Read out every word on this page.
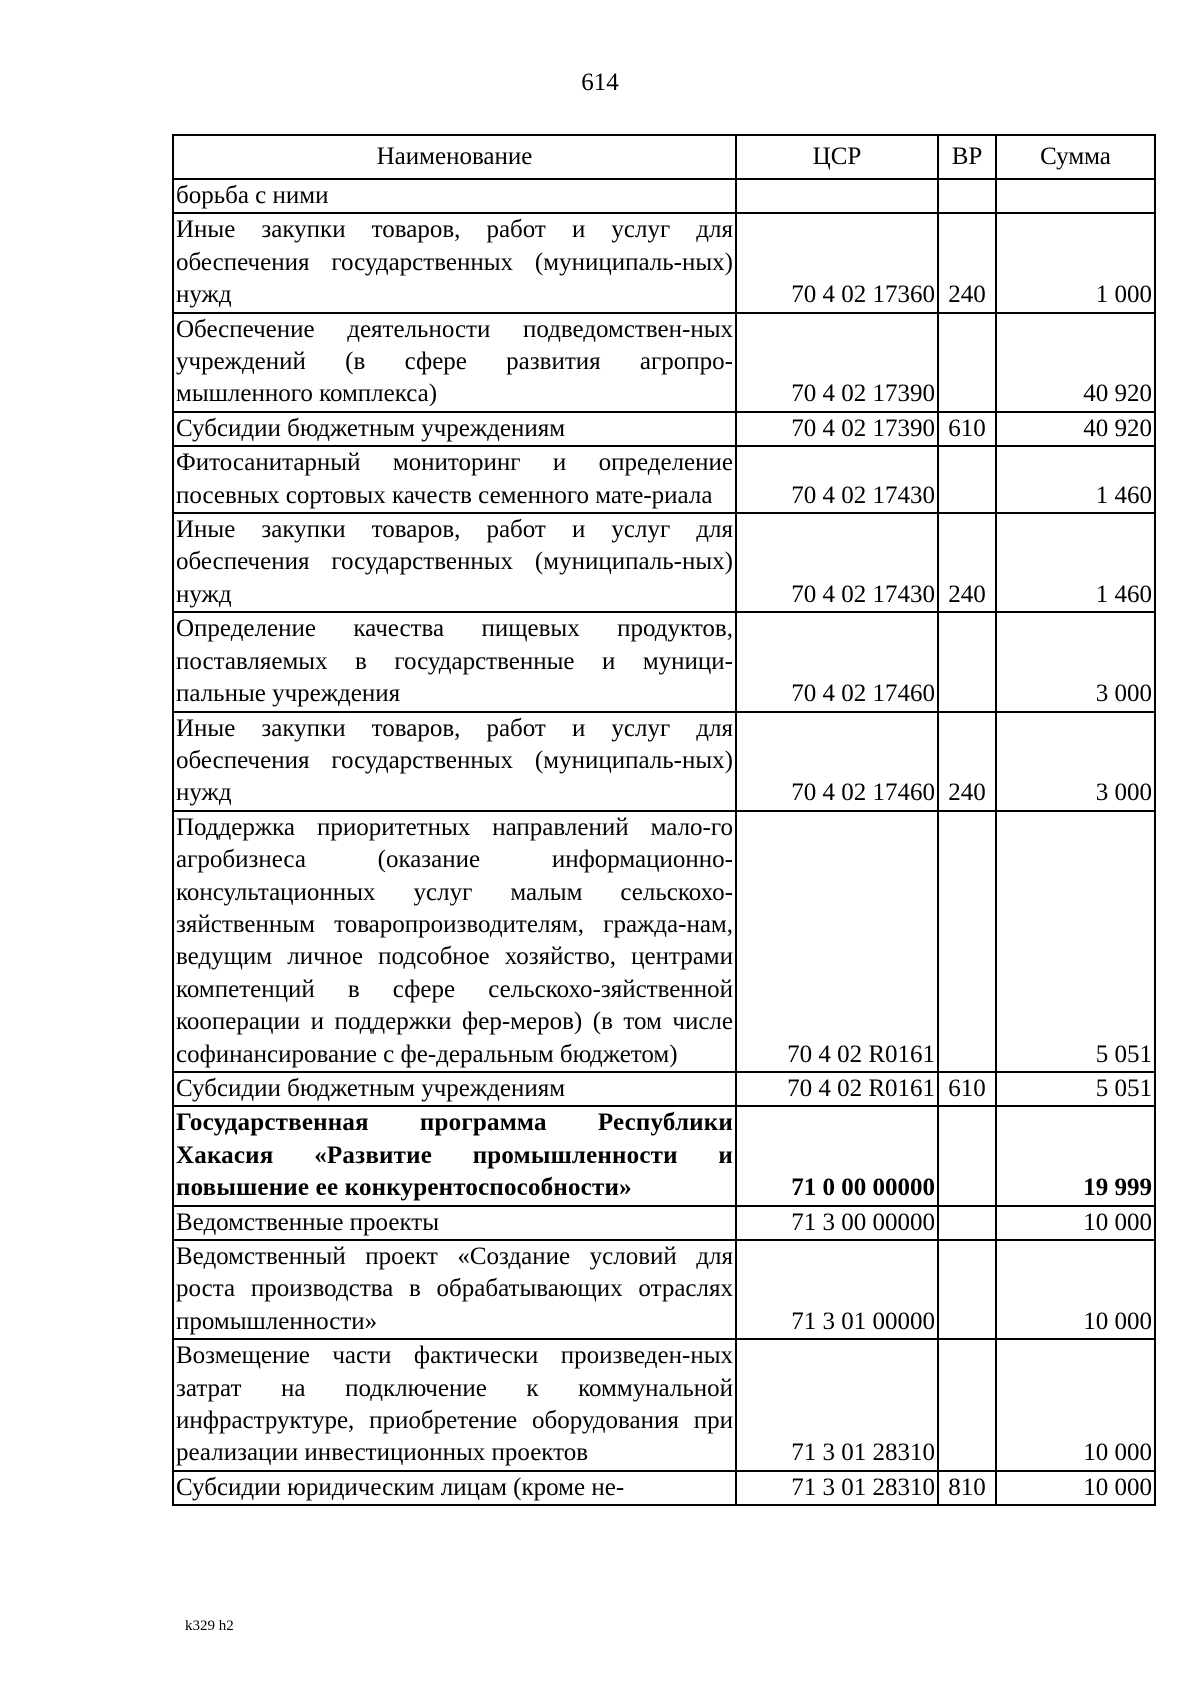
614
Наименование	ЦСР	ВР	Сумма
борьба с ними			
Иные закупки товаров, работ и услуг для обеспечения государственных (муниципаль-ных) нужд	70 4 02 17360	240	1 000
Обеспечение деятельности подведомствен-ных учреждений (в сфере развития агропро-мышленного комплекса)	70 4 02 17390		40 920
Субсидии бюджетным учреждениям	70 4 02 17390	610	40 920
Фитосанитарный мониторинг и определение посевных сортовых качеств семенного мате-риала	70 4 02 17430		1 460
Иные закупки товаров, работ и услуг для обеспечения государственных (муниципаль-ных) нужд	70 4 02 17430	240	1 460
Определение качества пищевых продуктов, поставляемых в государственные и муници-пальные учреждения	70 4 02 17460		3 000
Иные закупки товаров, работ и услуг для обеспечения государственных (муниципаль-ных) нужд	70 4 02 17460	240	3 000
Поддержка приоритетных направлений мало-го агробизнеса (оказание информационно-консультационных услуг малым сельскохо-зяйственным товаропроизводителям, гражда-нам, ведущим личное подсобное хозяйство, центрами компетенций в сфере сельскохо-зяйственной кооперации и поддержки фер-меров) (в том числе софинансирование с фе-деральным бюджетом)	70 4 02 R0161		5 051
Субсидии бюджетным учреждениям	70 4 02 R0161	610	5 051
Государственная программа Республики Хакасия «Развитие промышленности и повышение ее конкурентоспособности»	71 0 00 00000		19 999
Ведомственные проекты	71 3 00 00000		10 000
Ведомственный проект «Создание условий для роста производства в обрабатывающих отраслях промышленности»	71 3 01 00000		10 000
Возмещение части фактически произведен-ных затрат на подключение к коммунальной инфраструктуре, приобретение оборудования при реализации инвестиционных проектов	71 3 01 28310		10 000
Субсидии юридическим лицам (кроме не-	71 3 01 28310	810	10 000
k329 h2
